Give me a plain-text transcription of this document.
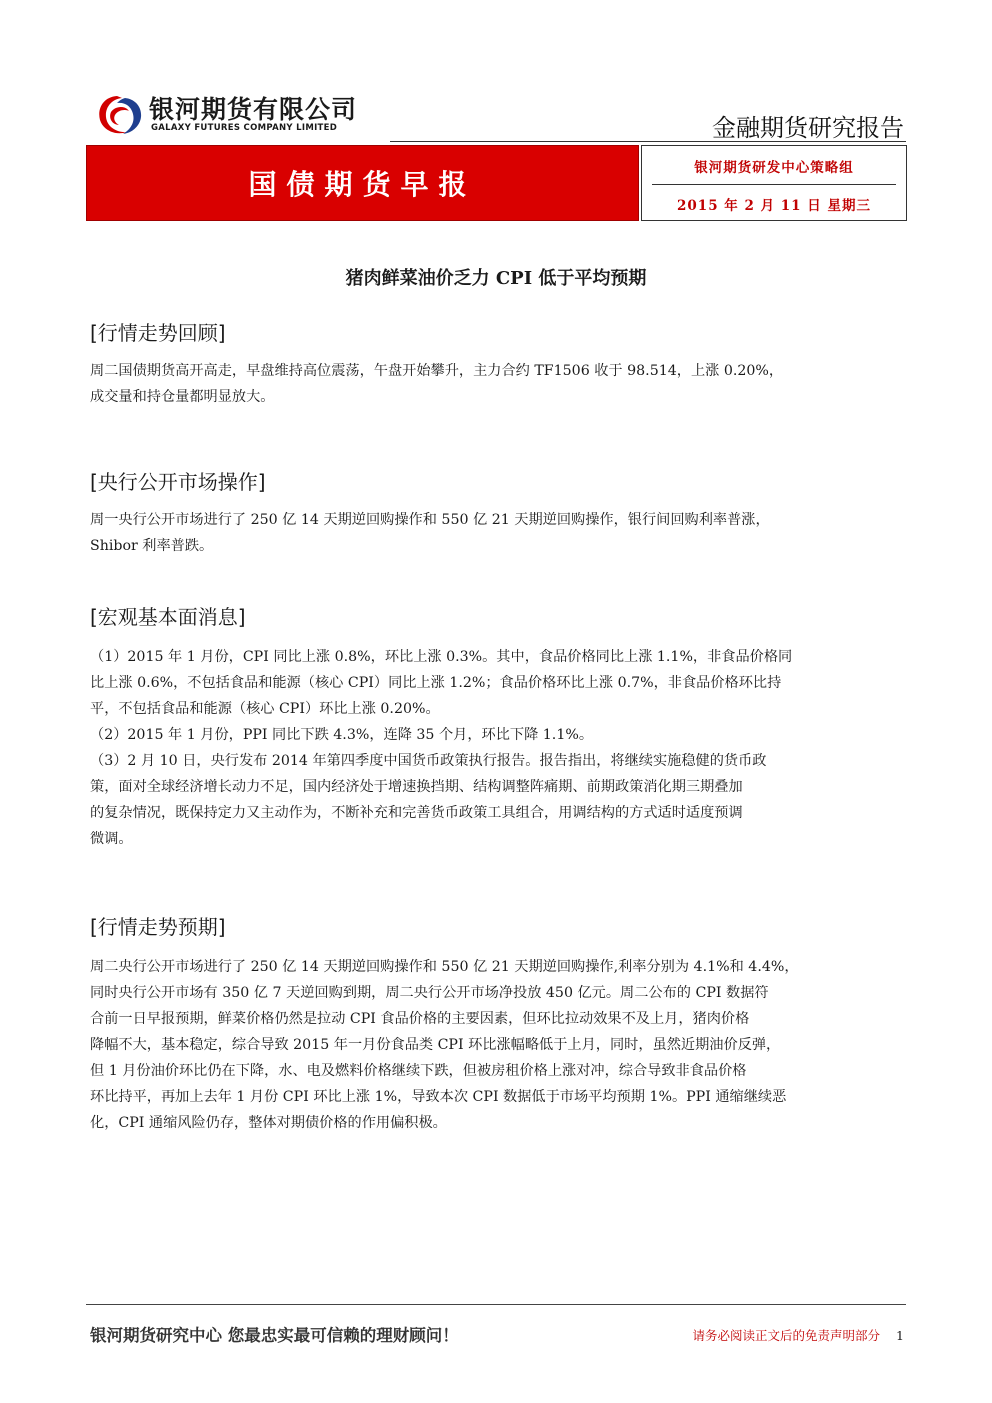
银河期货有限公司
GALAXY FUTURES COMPANY LIMITED	金融期货研究报告
国债期货早报	银河期货研发中心策略组
2015 年 2 月 11 日 星期三
猪肉鲜菜油价乏力 CPI 低于平均预期
[行情走势回顾]
周二国债期货高开高走，早盘维持高位震荡，午盘开始攀升，主力合约 TF1506 收于 98.514，上涨 0.20%，
成交量和持仓量都明显放大。
[央行公开市场操作]
周一央行公开市场进行了 250 亿 14 天期逆回购操作和 550 亿 21 天期逆回购操作，银行间回购利率普涨，
Shibor 利率普跌。
[宏观基本面消息]
（1）2015 年 1 月份，CPI 同比上涨 0.8%，环比上涨 0.3%。其中，食品价格同比上涨 1.1%，非食品价格同
比上涨 0.6%，不包括食品和能源（核心 CPI）同比上涨 1.2%；食品价格环比上涨 0.7%，非食品价格环比持
平，不包括食品和能源（核心 CPI）环比上涨 0.20%。
（2）2015 年 1 月份，PPI 同比下跌 4.3%，连降 35 个月，环比下降 1.1%。
（3）2 月 10 日，央行发布 2014 年第四季度中国货币政策执行报告。报告指出，将继续实施稳健的货币政
策，面对全球经济增长动力不足，国内经济处于增速换挡期、结构调整阵痛期、前期政策消化期三期叠加
的复杂情况，既保持定力又主动作为，不断补充和完善货币政策工具组合，用调结构的方式适时适度预调
微调。
[行情走势预期]
周二央行公开市场进行了 250 亿 14 天期逆回购操作和 550 亿 21 天期逆回购操作,利率分别为 4.1%和 4.4%，
同时央行公开市场有 350 亿 7 天逆回购到期，周二央行公开市场净投放 450 亿元。周二公布的 CPI 数据符
合前一日早报预期，鲜菜价格仍然是拉动 CPI 食品价格的主要因素，但环比拉动效果不及上月，猪肉价格
降幅不大，基本稳定，综合导致 2015 年一月份食品类 CPI 环比涨幅略低于上月，同时，虽然近期油价反弹，
但 1 月份油价环比仍在下降，水、电及燃料价格继续下跌，但被房租价格上涨对冲，综合导致非食品价格
环比持平，再加上去年 1 月份 CPI 环比上涨 1%，导致本次 CPI 数据低于市场平均预期 1%。PPI 通缩继续恶
化，CPI 通缩风险仍存，整体对期债价格的作用偏积极。
银河期货研究中心 您最忠实最可信赖的理财顾问！	请务必阅读正文后的免责声明部分 1
